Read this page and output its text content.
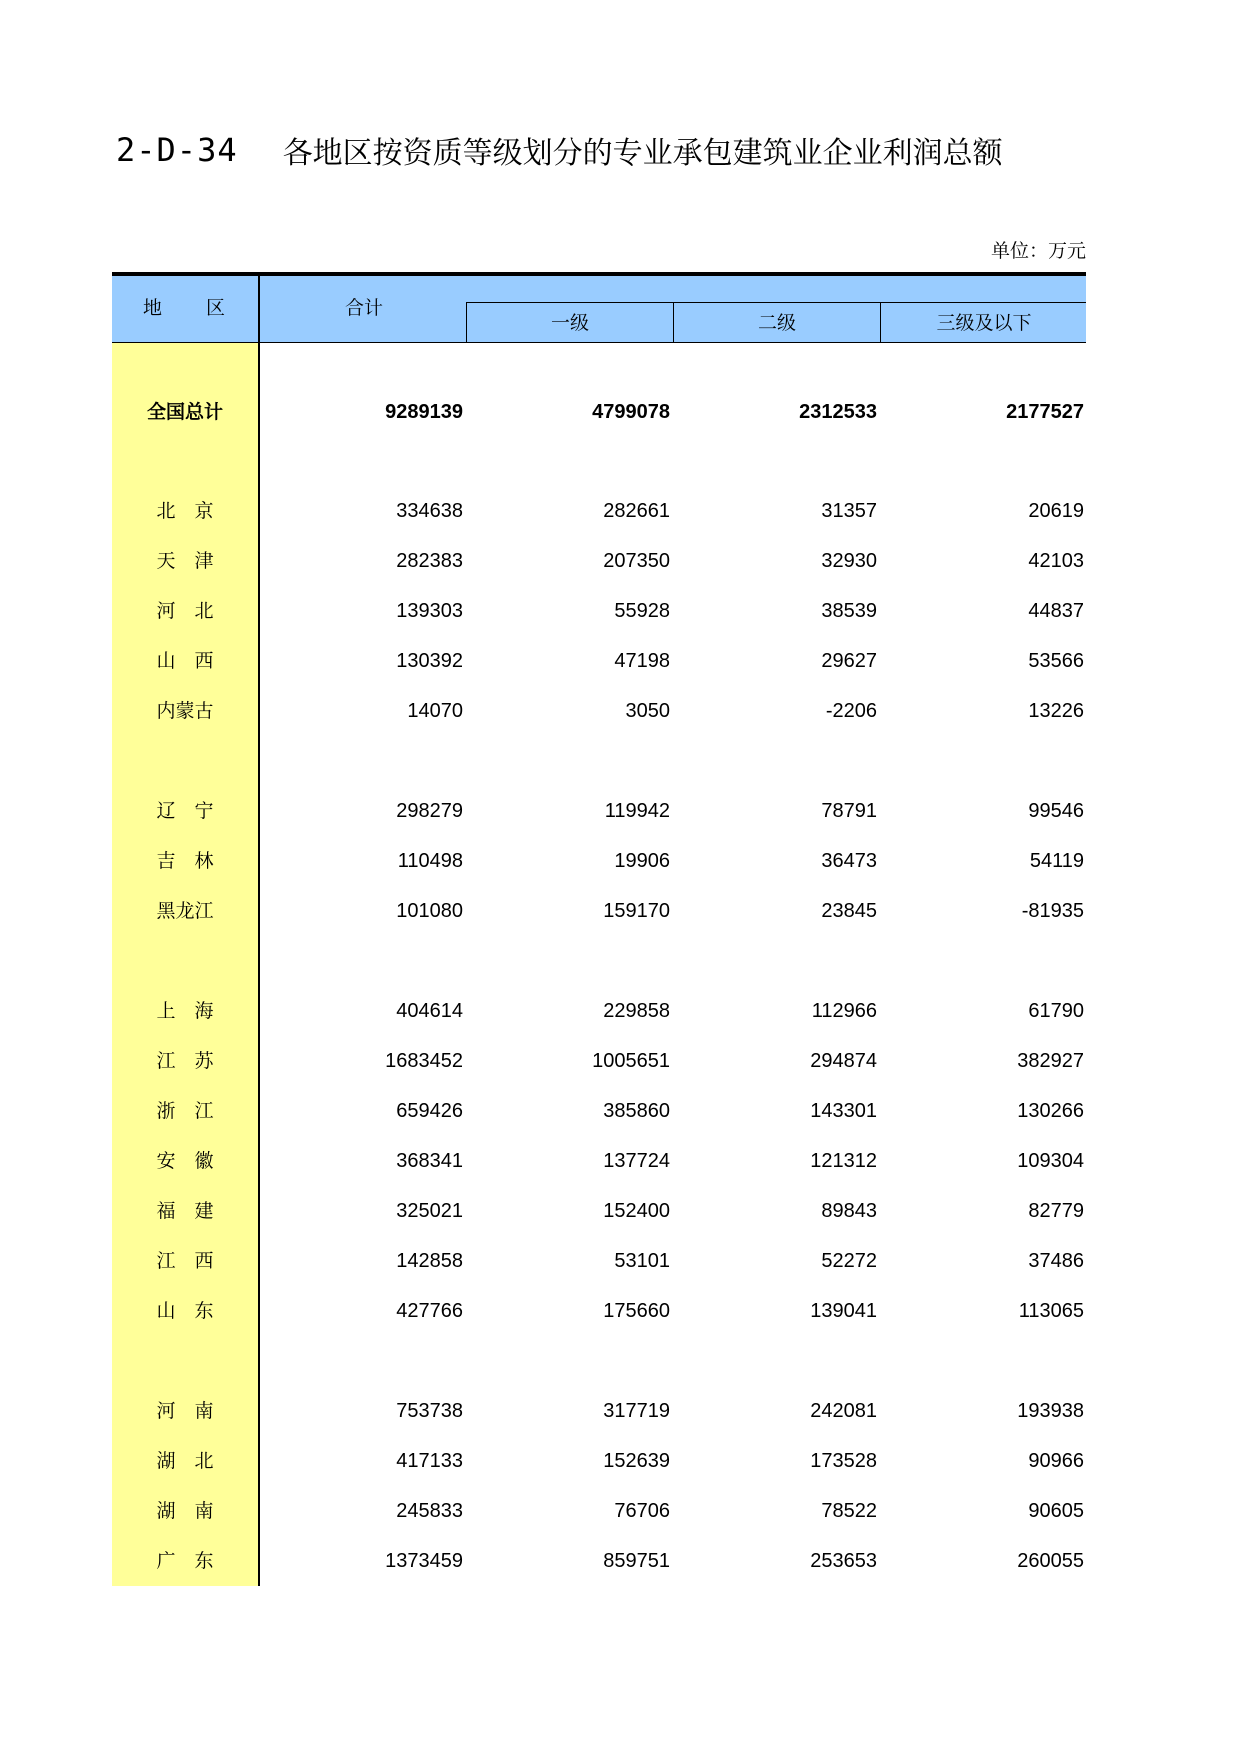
2-D-34 各地区按资质等级划分的专业承包建筑业企业利润总额
单位：万元
地　　区	合计
一级	二级	三级及以下
全国总计	9289139	4799078	2312533	2177527
北　京	334638	282661	31357	20619
天　津	282383	207350	32930	42103
河　北	139303	55928	38539	44837
山　西	130392	47198	29627	53566
内蒙古	14070	3050	-2206	13226
辽　宁	298279	119942	78791	99546
吉　林	110498	19906	36473	54119
黑龙江	101080	159170	23845	-81935
上　海	404614	229858	112966	61790
江　苏	1683452	1005651	294874	382927
浙　江	659426	385860	143301	130266
安　徽	368341	137724	121312	109304
福　建	325021	152400	89843	82779
江　西	142858	53101	52272	37486
山　东	427766	175660	139041	113065
河　南	753738	317719	242081	193938
湖　北	417133	152639	173528	90966
湖　南	245833	76706	78522	90605
广　东	1373459	859751	253653	260055
